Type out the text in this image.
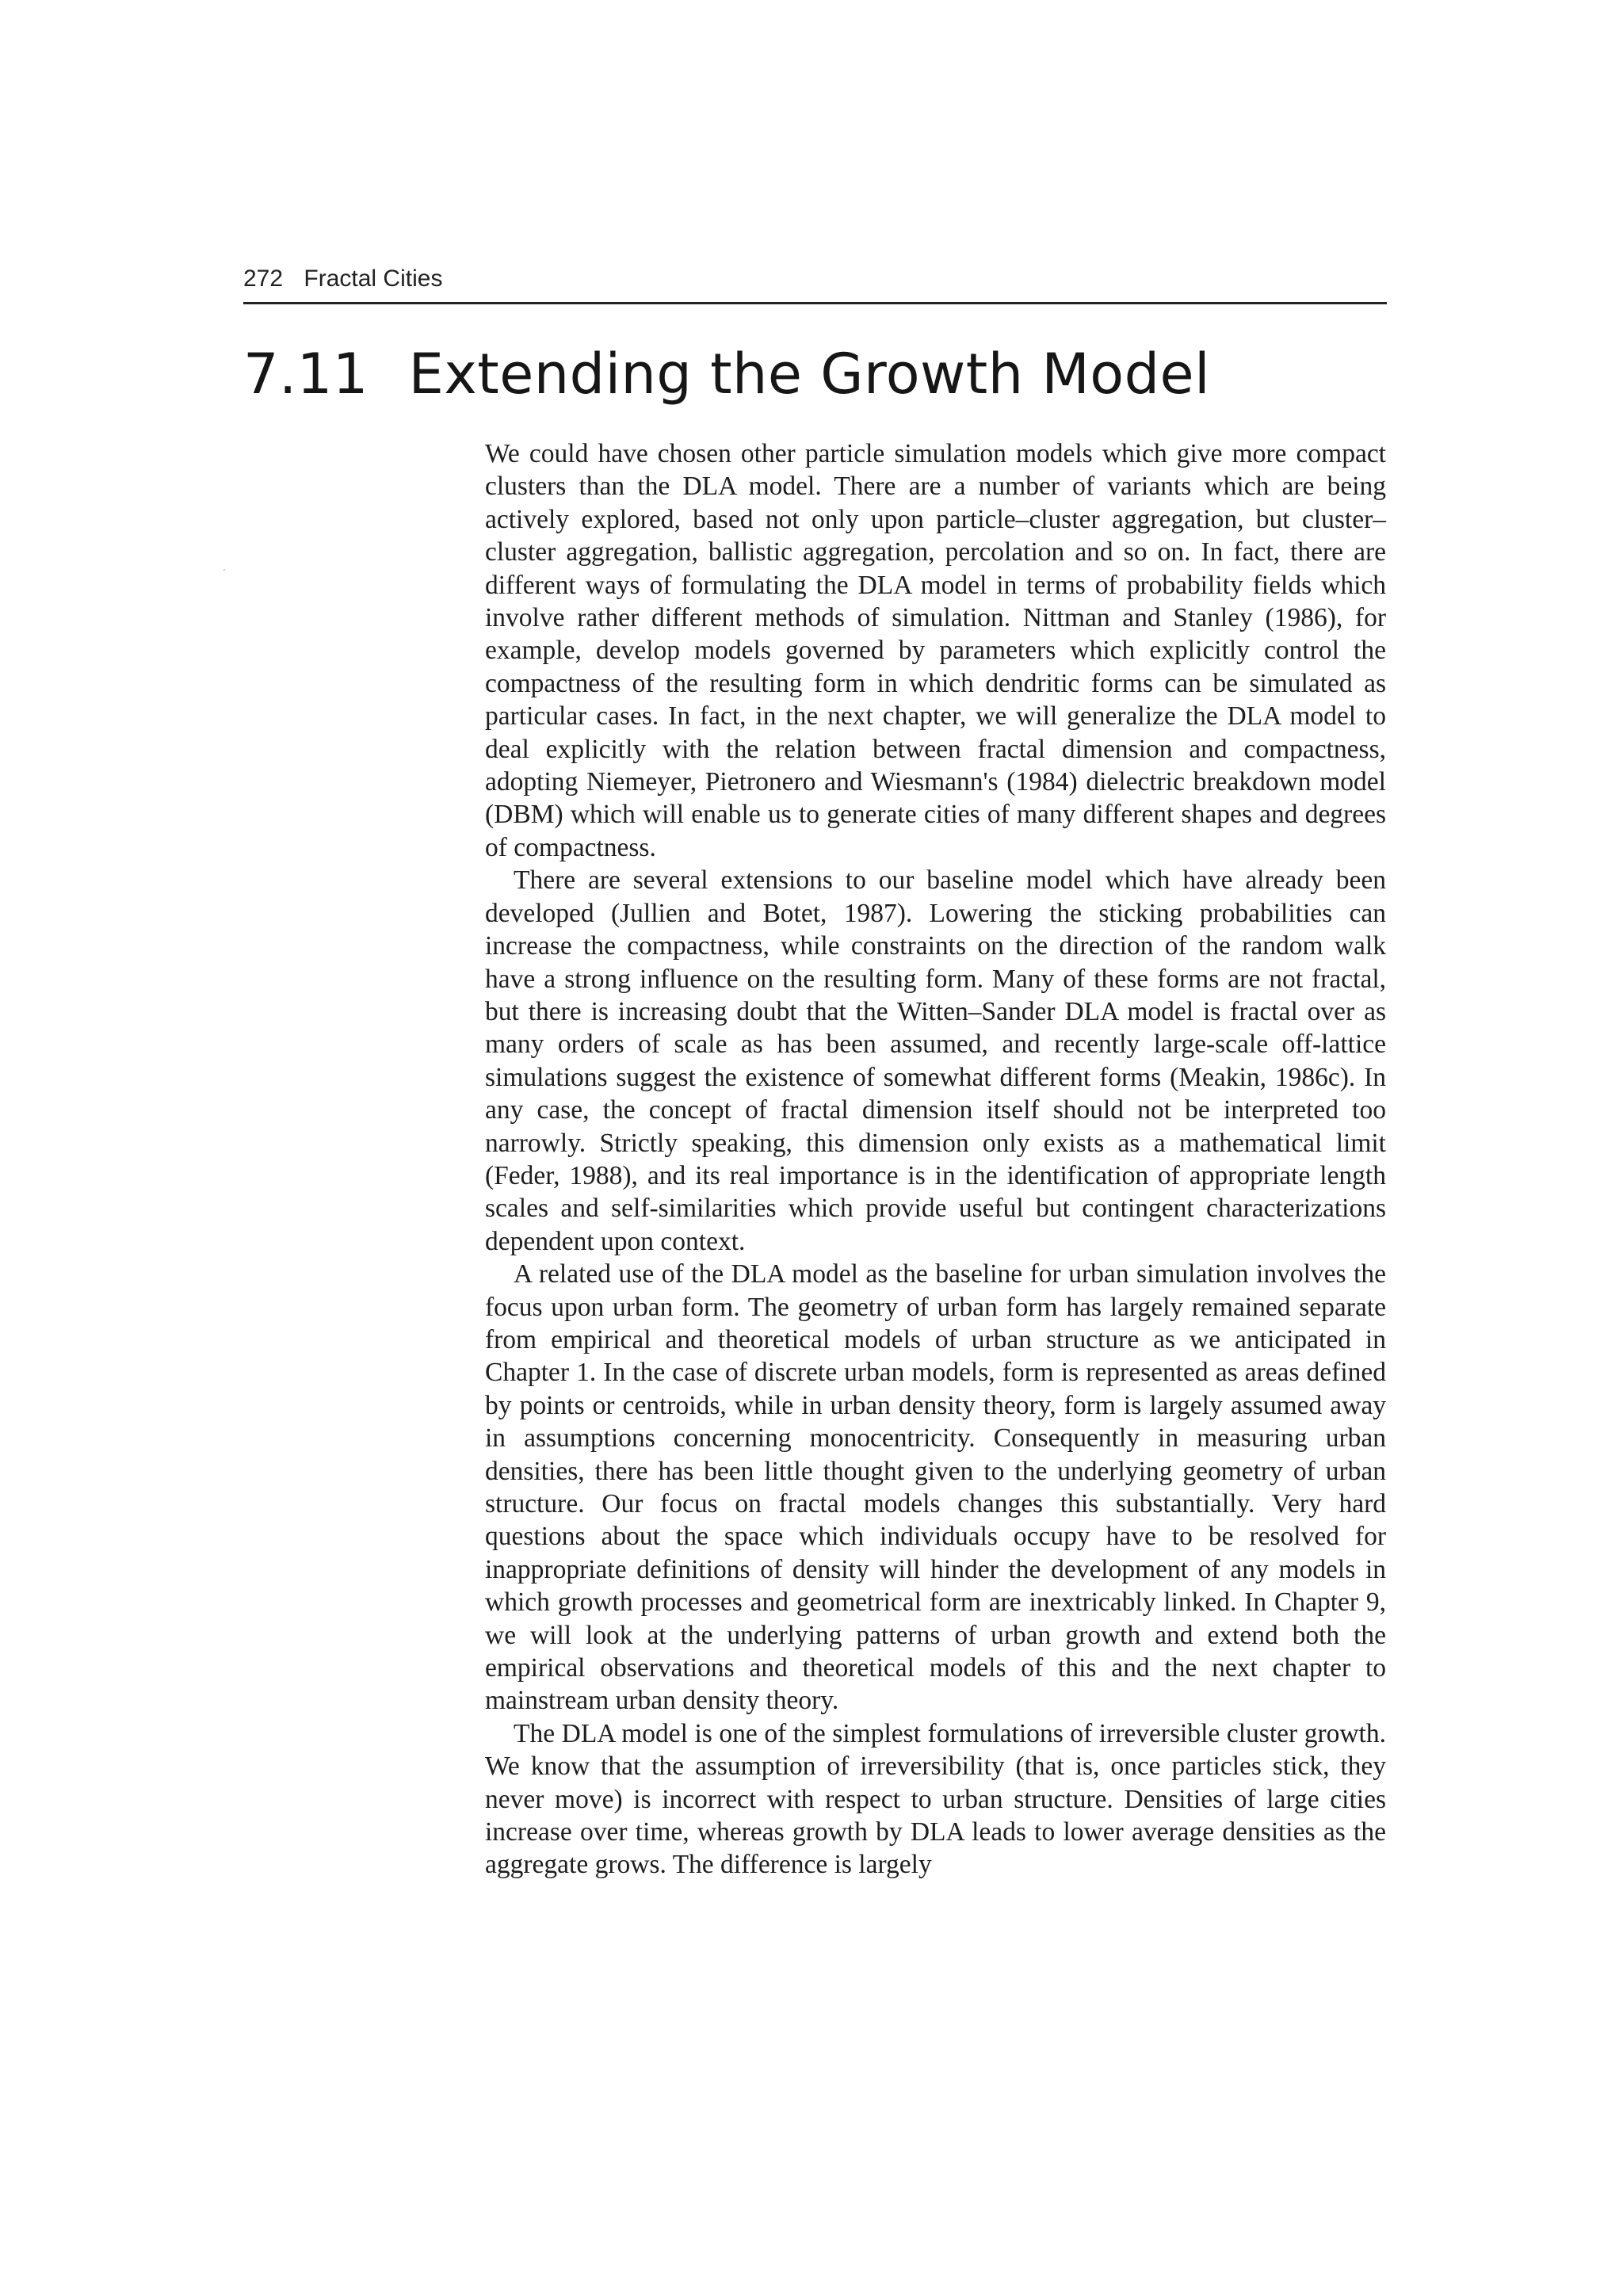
272 Fractal Cities
7.11 Extending the Growth Model

We could have chosen other particle simulation models which give more compact clusters than the DLA model. There are a number of variants which are being actively explored, based not only upon particle–cluster aggregation, but cluster–cluster aggregation, ballistic aggregation, percolation and so on. In fact, there are different ways of formulating the DLA model in terms of probability fields which involve rather different methods of simulation. Nittman and Stanley (1986), for example, develop models governed by parameters which explicitly control the compactness of the resulting form in which dendritic forms can be simulated as particular cases. In fact, in the next chapter, we will generalize the DLA model to deal explicitly with the relation between fractal dimension and compactness, adopting Niemeyer, Pietronero and Wiesmann's (1984) dielectric breakdown model (DBM) which will enable us to generate cities of many different shapes and degrees of compactness.

There are several extensions to our baseline model which have already been developed (Jullien and Botet, 1987). Lowering the sticking probabilities can increase the compactness, while constraints on the direction of the random walk have a strong influence on the resulting form. Many of these forms are not fractal, but there is increasing doubt that the Witten–Sander DLA model is fractal over as many orders of scale as has been assumed, and recently large-scale off-lattice simulations suggest the existence of somewhat different forms (Meakin, 1986c). In any case, the concept of fractal dimension itself should not be interpreted too narrowly. Strictly speaking, this dimension only exists as a mathematical limit (Feder, 1988), and its real importance is in the identification of appropriate length scales and self-similarities which provide useful but contingent characterizations dependent upon context.

A related use of the DLA model as the baseline for urban simulation involves the focus upon urban form. The geometry of urban form has largely remained separate from empirical and theoretical models of urban structure as we anticipated in Chapter 1. In the case of discrete urban models, form is represented as areas defined by points or centroids, while in urban density theory, form is largely assumed away in assumptions concerning monocentricity. Consequently in measuring urban densities, there has been little thought given to the underlying geometry of urban structure. Our focus on fractal models changes this substantially. Very hard questions about the space which individuals occupy have to be resolved for inappropriate definitions of density will hinder the development of any models in which growth processes and geometrical form are inextricably linked. In Chapter 9, we will look at the underlying patterns of urban growth and extend both the empirical observations and theoretical models of this and the next chapter to mainstream urban density theory.

The DLA model is one of the simplest formulations of irreversible cluster growth. We know that the assumption of irreversibility (that is, once particles stick, they never move) is incorrect with respect to urban structure. Densities of large cities increase over time, whereas growth by DLA leads to lower average densities as the aggregate grows. The difference is largely
